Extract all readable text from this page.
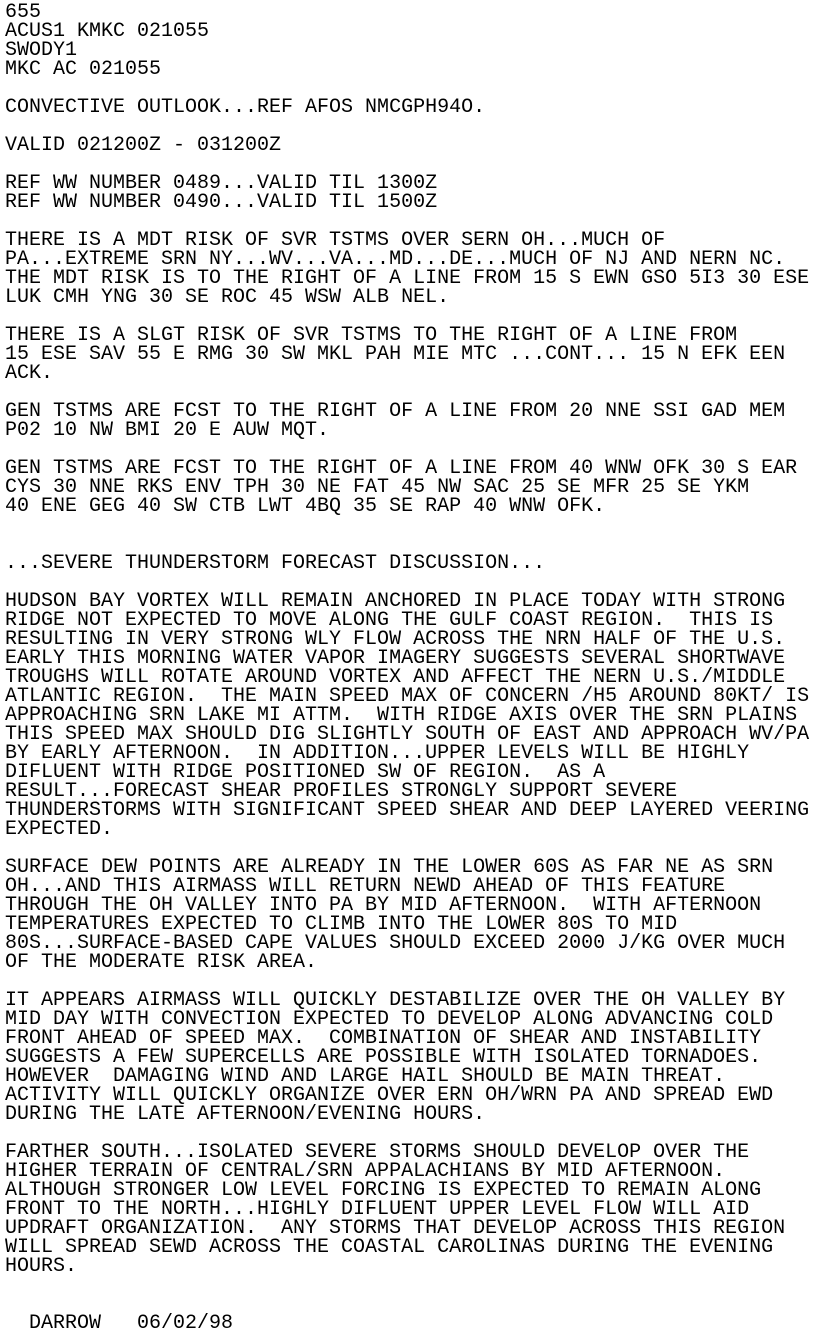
655
ACUS1 KMKC 021055
SWODY1
MKC AC 021055
CONVECTIVE OUTLOOK...REF AFOS NMCGPH94O.
VALID 021200Z - 031200Z
REF WW NUMBER 0489...VALID TIL 1300Z
REF WW NUMBER 0490...VALID TIL 1500Z
THERE IS A MDT RISK OF SVR TSTMS OVER SERN OH...MUCH OF
PA...EXTREME SRN NY...WV...VA...MD...DE...MUCH OF NJ AND NERN NC.
THE MDT RISK IS TO THE RIGHT OF A LINE FROM 15 S EWN GSO 5I3 30 ESE
LUK CMH YNG 30 SE ROC 45 WSW ALB NEL.
THERE IS A SLGT RISK OF SVR TSTMS TO THE RIGHT OF A LINE FROM
15 ESE SAV 55 E RMG 30 SW MKL PAH MIE MTC ...CONT... 15 N EFK EEN
ACK.
GEN TSTMS ARE FCST TO THE RIGHT OF A LINE FROM 20 NNE SSI GAD MEM
P02 10 NW BMI 20 E AUW MQT.
GEN TSTMS ARE FCST TO THE RIGHT OF A LINE FROM 40 WNW OFK 30 S EAR
CYS 30 NNE RKS ENV TPH 30 NE FAT 45 NW SAC 25 SE MFR 25 SE YKM
40 ENE GEG 40 SW CTB LWT 4BQ 35 SE RAP 40 WNW OFK.
...SEVERE THUNDERSTORM FORECAST DISCUSSION...
HUDSON BAY VORTEX WILL REMAIN ANCHORED IN PLACE TODAY WITH STRONG
RIDGE NOT EXPECTED TO MOVE ALONG THE GULF COAST REGION.  THIS IS
RESULTING IN VERY STRONG WLY FLOW ACROSS THE NRN HALF OF THE U.S.
EARLY THIS MORNING WATER VAPOR IMAGERY SUGGESTS SEVERAL SHORTWAVE
TROUGHS WILL ROTATE AROUND VORTEX AND AFFECT THE NERN U.S./MIDDLE
ATLANTIC REGION.  THE MAIN SPEED MAX OF CONCERN /H5 AROUND 80KT/ IS
APPROACHING SRN LAKE MI ATTM.  WITH RIDGE AXIS OVER THE SRN PLAINS
THIS SPEED MAX SHOULD DIG SLIGHTLY SOUTH OF EAST AND APPROACH WV/PA
BY EARLY AFTERNOON.  IN ADDITION...UPPER LEVELS WILL BE HIGHLY
DIFLUENT WITH RIDGE POSITIONED SW OF REGION.  AS A
RESULT...FORECAST SHEAR PROFILES STRONGLY SUPPORT SEVERE
THUNDERSTORMS WITH SIGNIFICANT SPEED SHEAR AND DEEP LAYERED VEERING
EXPECTED.
SURFACE DEW POINTS ARE ALREADY IN THE LOWER 60S AS FAR NE AS SRN
OH...AND THIS AIRMASS WILL RETURN NEWD AHEAD OF THIS FEATURE
THROUGH THE OH VALLEY INTO PA BY MID AFTERNOON.  WITH AFTERNOON
TEMPERATURES EXPECTED TO CLIMB INTO THE LOWER 80S TO MID
80S...SURFACE-BASED CAPE VALUES SHOULD EXCEED 2000 J/KG OVER MUCH
OF THE MODERATE RISK AREA.
IT APPEARS AIRMASS WILL QUICKLY DESTABILIZE OVER THE OH VALLEY BY
MID DAY WITH CONVECTION EXPECTED TO DEVELOP ALONG ADVANCING COLD
FRONT AHEAD OF SPEED MAX.  COMBINATION OF SHEAR AND INSTABILITY
SUGGESTS A FEW SUPERCELLS ARE POSSIBLE WITH ISOLATED TORNADOES.
HOWEVER  DAMAGING WIND AND LARGE HAIL SHOULD BE MAIN THREAT.
ACTIVITY WILL QUICKLY ORGANIZE OVER ERN OH/WRN PA AND SPREAD EWD
DURING THE LATE AFTERNOON/EVENING HOURS.
FARTHER SOUTH...ISOLATED SEVERE STORMS SHOULD DEVELOP OVER THE
HIGHER TERRAIN OF CENTRAL/SRN APPALACHIANS BY MID AFTERNOON.
ALTHOUGH STRONGER LOW LEVEL FORCING IS EXPECTED TO REMAIN ALONG
FRONT TO THE NORTH...HIGHLY DIFLUENT UPPER LEVEL FLOW WILL AID
UPDRAFT ORGANIZATION.  ANY STORMS THAT DEVELOP ACROSS THIS REGION
WILL SPREAD SEWD ACROSS THE COASTAL CAROLINAS DURING THE EVENING
HOURS.
DARROW   06/02/98
